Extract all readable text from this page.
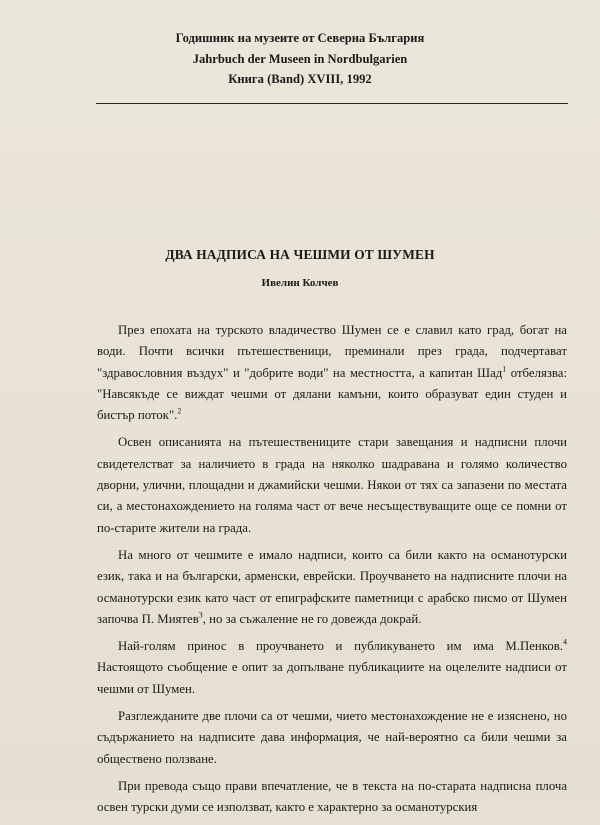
Годишник на музеите от Северна България
Jahrbuch der Museen in Nordbulgarien
Книга (Band) XVIII, 1992
ДВА НАДПИСА НА ЧЕШМИ ОТ ШУМЕН
Ивелин Колчев

През епохата на турското владичество Шумен се е славил като град, богат на води. Почти всички пътешественици, преминали през града, подчертават "здравословния въздух" и "добрите води" на местността, а капитан Шад$^1$ отбелязва: "Навсякъде се виждат чешми от дялани камъни, които образуват един студен и бистър поток".$^2$

Освен описанията на пътешествениците стари завещания и надписни плочи свидетелстват за наличието в града на няколко шадравана и голямо количество дворни, улични, площадни и джамийски чешми. Някои от тях са запазени по местата си, а местонахождението на голяма част от вече несъществуващите още се помни от по-старите жители на града.

На много от чешмите е имало надписи, които са били както на османотурски език, така и на български, арменски, еврейски. Проучването на надписните плочи на османотурски език като част от епиграфските паметници с арабско писмо от Шумен започва П. Миятев$^3$, но за съжаление не го довежда докрай.

Най-голям принос в проучването и публикуването им има М.Пенков.$^4$ Настоящото съобщение е опит за допълване публикациите на оцелелите надписи от чешми от Шумен.

Разглежданите две плочи са от чешми, чието местонахождение не е изяснено, но съдържанието на надписите дава информация, че най-вероятно са били чешми за обществено ползване.

При превода също прави впечатление, че в текста на по-старата надписна плоча освен турски думи се използват, както е характерно за османотурския
